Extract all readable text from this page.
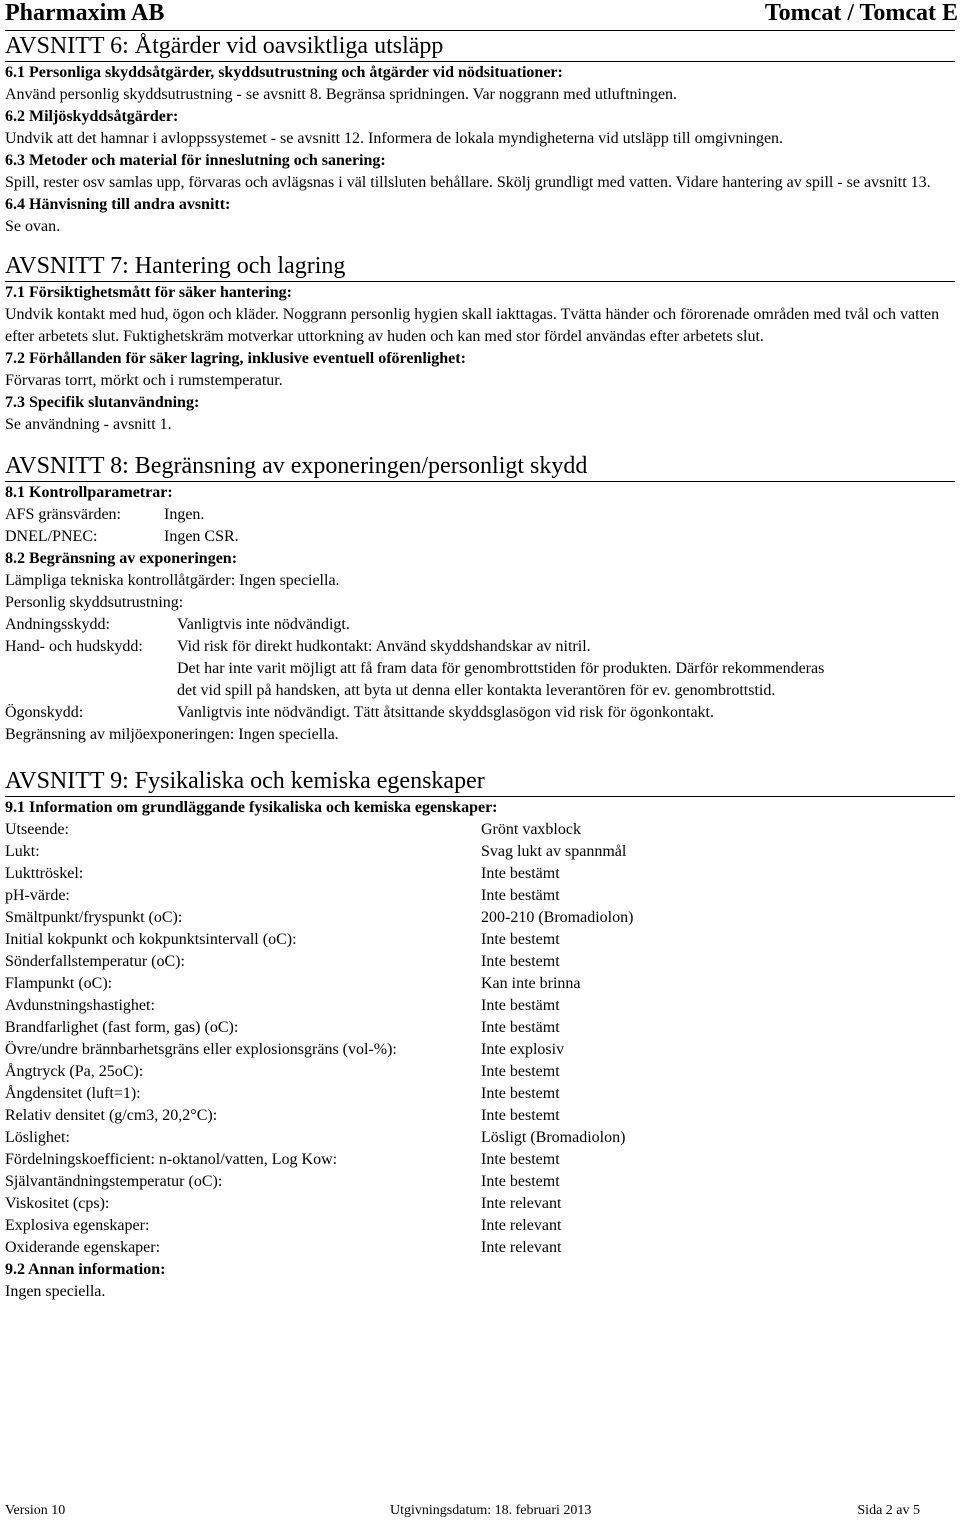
Pharmaxim AB	Tomcat / Tomcat E
AVSNITT 6: Åtgärder vid oavsiktliga utsläpp
6.1 Personliga skyddsåtgärder, skyddsutrustning och åtgärder vid nödsituationer:
Använd personlig skyddsutrustning - se avsnitt 8. Begränsa spridningen. Var noggrann med utluftningen.
6.2 Miljöskyddsåtgärder:
Undvik att det hamnar i avloppssystemet - se avsnitt 12. Informera de lokala myndigheterna vid utsläpp till omgivningen.
6.3 Metoder och material för inneslutning och sanering:
Spill, rester osv samlas upp, förvaras och avlägsnas i väl tillsluten behållare. Skölj grundligt med vatten. Vidare hantering av spill - se avsnitt 13.
6.4 Hänvisning till andra avsnitt:
Se ovan.
AVSNITT 7: Hantering och lagring
7.1 Försiktighetsmått för säker hantering:
Undvik kontakt med hud, ögon och kläder. Noggrann personlig hygien skall iakttagas. Tvätta händer och förorenade områden med tvål och vatten efter arbetets slut. Fuktighetskräm motverkar uttorkning av huden och kan med stor fördel användas efter arbetets slut.
7.2 Förhållanden för säker lagring, inklusive eventuell oförenlighet:
Förvaras torrt, mörkt och i rumstemperatur.
7.3 Specifik slutanvändning:
Se användning - avsnitt 1.
AVSNITT 8: Begränsning av exponeringen/personligt skydd
8.1 Kontrollparametrar:
AFS gränsvärden:	Ingen.
DNEL/PNEC:	Ingen CSR.
8.2 Begränsning av exponeringen:
Lämpliga tekniska kontrollåtgärder: Ingen speciella.
Personlig skyddsutrustning:
Andningsskydd:	Vanligtvis inte nödvändigt.
Hand- och hudskydd:	Vid risk för direkt hudkontakt: Använd skyddshandskar av nitril.
Det har inte varit möjligt att få fram data för genombrottstiden för produkten. Därför rekommenderas
det vid spill på handsken, att byta ut denna eller kontakta leverantören för ev. genombrottstid.
Ögonskydd:	Vanligtvis inte nödvändigt. Tätt åtsittande skyddsglasögon vid risk för ögonkontakt.
Begränsning av miljöexponeringen: Ingen speciella.
AVSNITT 9: Fysikaliska och kemiska egenskaper
9.1 Information om grundläggande fysikaliska och kemiska egenskaper:
Utseende:	Grönt vaxblock
Lukt:	Svag lukt av spannmål
Lukttröskel:	Inte bestämt
pH-värde:	Inte bestämt
Smältpunkt/fryspunkt (oC):	200-210 (Bromadiolon)
Initial kokpunkt och kokpunktsintervall (oC):	Inte bestemt
Sönderfallstemperatur (oC):	Inte bestemt
Flampunkt (oC):	Kan inte brinna
Avdunstningshastighet:	Inte bestämt
Brandfarlighet (fast form, gas) (oC):	Inte bestämt
Övre/undre brännbarhetsgräns eller explosionsgräns (vol-%):	Inte explosiv
Ångtryck (Pa, 25oC):	Inte bestemt
Ångdensitet (luft=1):	Inte bestemt
Relativ densitet (g/cm3, 20,2°C):	Inte bestemt
Löslighet:	Lösligt (Bromadiolon)
Fördelningskoefficient: n-oktanol/vatten, Log Kow:	Inte bestemt
Självantändningstemperatur (oC):	Inte bestemt
Viskositet (cps):	Inte relevant
Explosiva egenskaper:	Inte relevant
Oxiderande egenskaper:	Inte relevant
9.2 Annan information:
Ingen speciella.
Version 10	Utgivningsdatum: 18. februari 2013	Sida 2 av 5
